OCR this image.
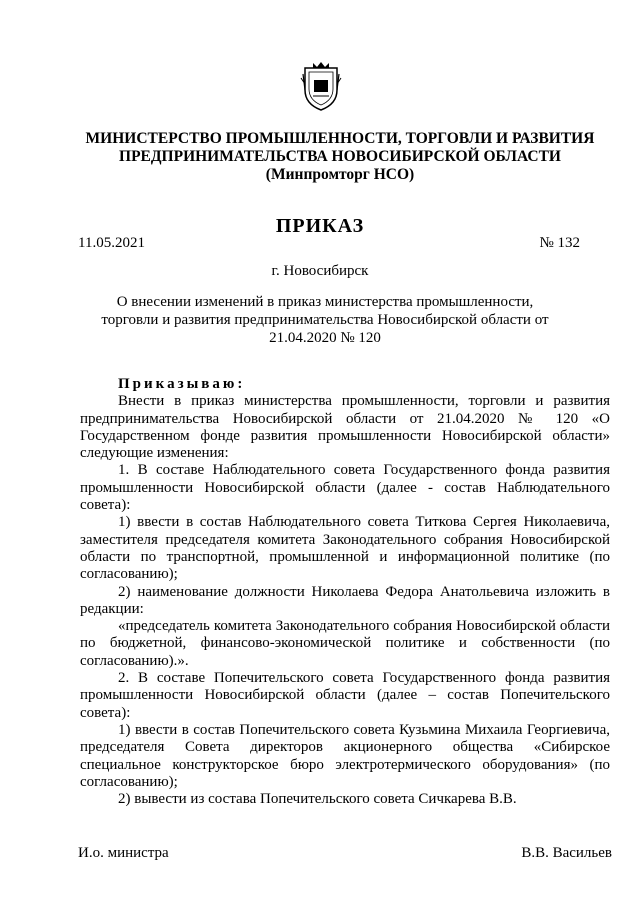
МИНИСТЕРСТВО ПРОМЫШЛЕННОСТИ, ТОРГОВЛИ И РАЗВИТИЯ
ПРЕДПРИНИМАТЕЛЬСТВА НОВОСИБИРСКОЙ ОБЛАСТИ
(Минпромторг НСО)
ПРИКАЗ
11.05.2021	№ 132
г. Новосибирск
О внесении изменений в приказ министерства промышленности, торговли и развития предпринимательства Новосибирской области от 21.04.2020 № 120

Приказываю:

Внести в приказ министерства промышленности, торговли и развития предпринимательства Новосибирской области от 21.04.2020 № 120 «О Государственном фонде развития промышленности Новосибирской области» следующие изменения:

1. В составе Наблюдательного совета Государственного фонда развития промышленности Новосибирской области (далее - состав Наблюдательного совета):

1) ввести в состав Наблюдательного совета Титкова Сергея Николаевича, заместителя председателя комитета Законодательного собрания Новосибирской области по транспортной, промышленной и информационной политике (по согласованию);

2) наименование должности Николаева Федора Анатольевича изложить в редакции:

«председатель комитета Законодательного собрания Новосибирской области по бюджетной, финансово-экономической политике и собственности (по согласованию).».

2. В составе Попечительского совета Государственного фонда развития промышленности Новосибирской области (далее – состав Попечительского совета):

1) ввести в состав Попечительского совета Кузьмина Михаила Георгиевича, председателя Совета директоров акционерного общества «Сибирское специальное конструкторское бюро электротермического оборудования» (по согласованию);

2) вывести из состава Попечительского совета Сичкарева В.В.

И.о. министра	В.В. Васильев
